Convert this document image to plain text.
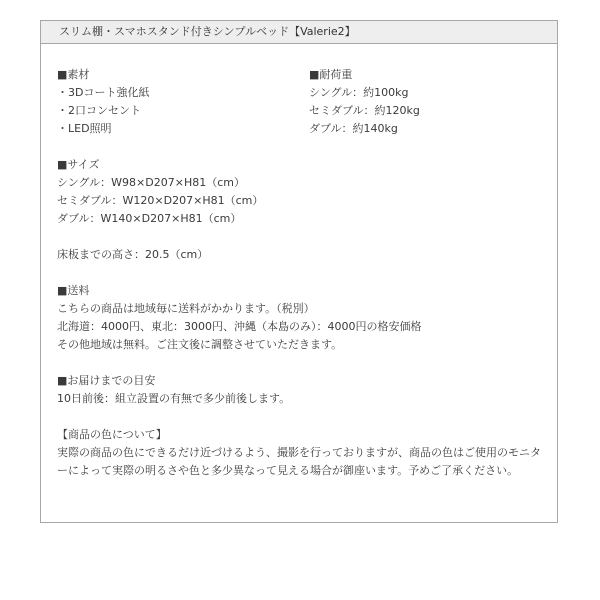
スリム棚・スマホスタンド付きシンプルベッド【Valerie2】
■素材
・3Dコート強化紙
・2口コンセント
・LED照明
■耐荷重
シングル：約100kg
セミダブル：約120kg
ダブル：約140kg
■サイズ
シングル：W98×D207×H81（cm）
セミダブル：W120×D207×H81（cm）
ダブル：W140×D207×H81（cm）
床板までの高さ：20.5（cm）
■送料
こちらの商品は地域毎に送料がかかります。（税別）
北海道：4000円、東北：3000円、沖縄（本島のみ）：4000円の格安価格
その他地域は無料。ご注文後に調整させていただきます。
■お届けまでの目安
10日前後：組立設置の有無で多少前後します。
【商品の色について】
実際の商品の色にできるだけ近づけるよう、撮影を行っておりますが、商品の色はご使用のモニターによって実際の明るさや色と多少異なって見える場合が御座います。予めご了承ください。
